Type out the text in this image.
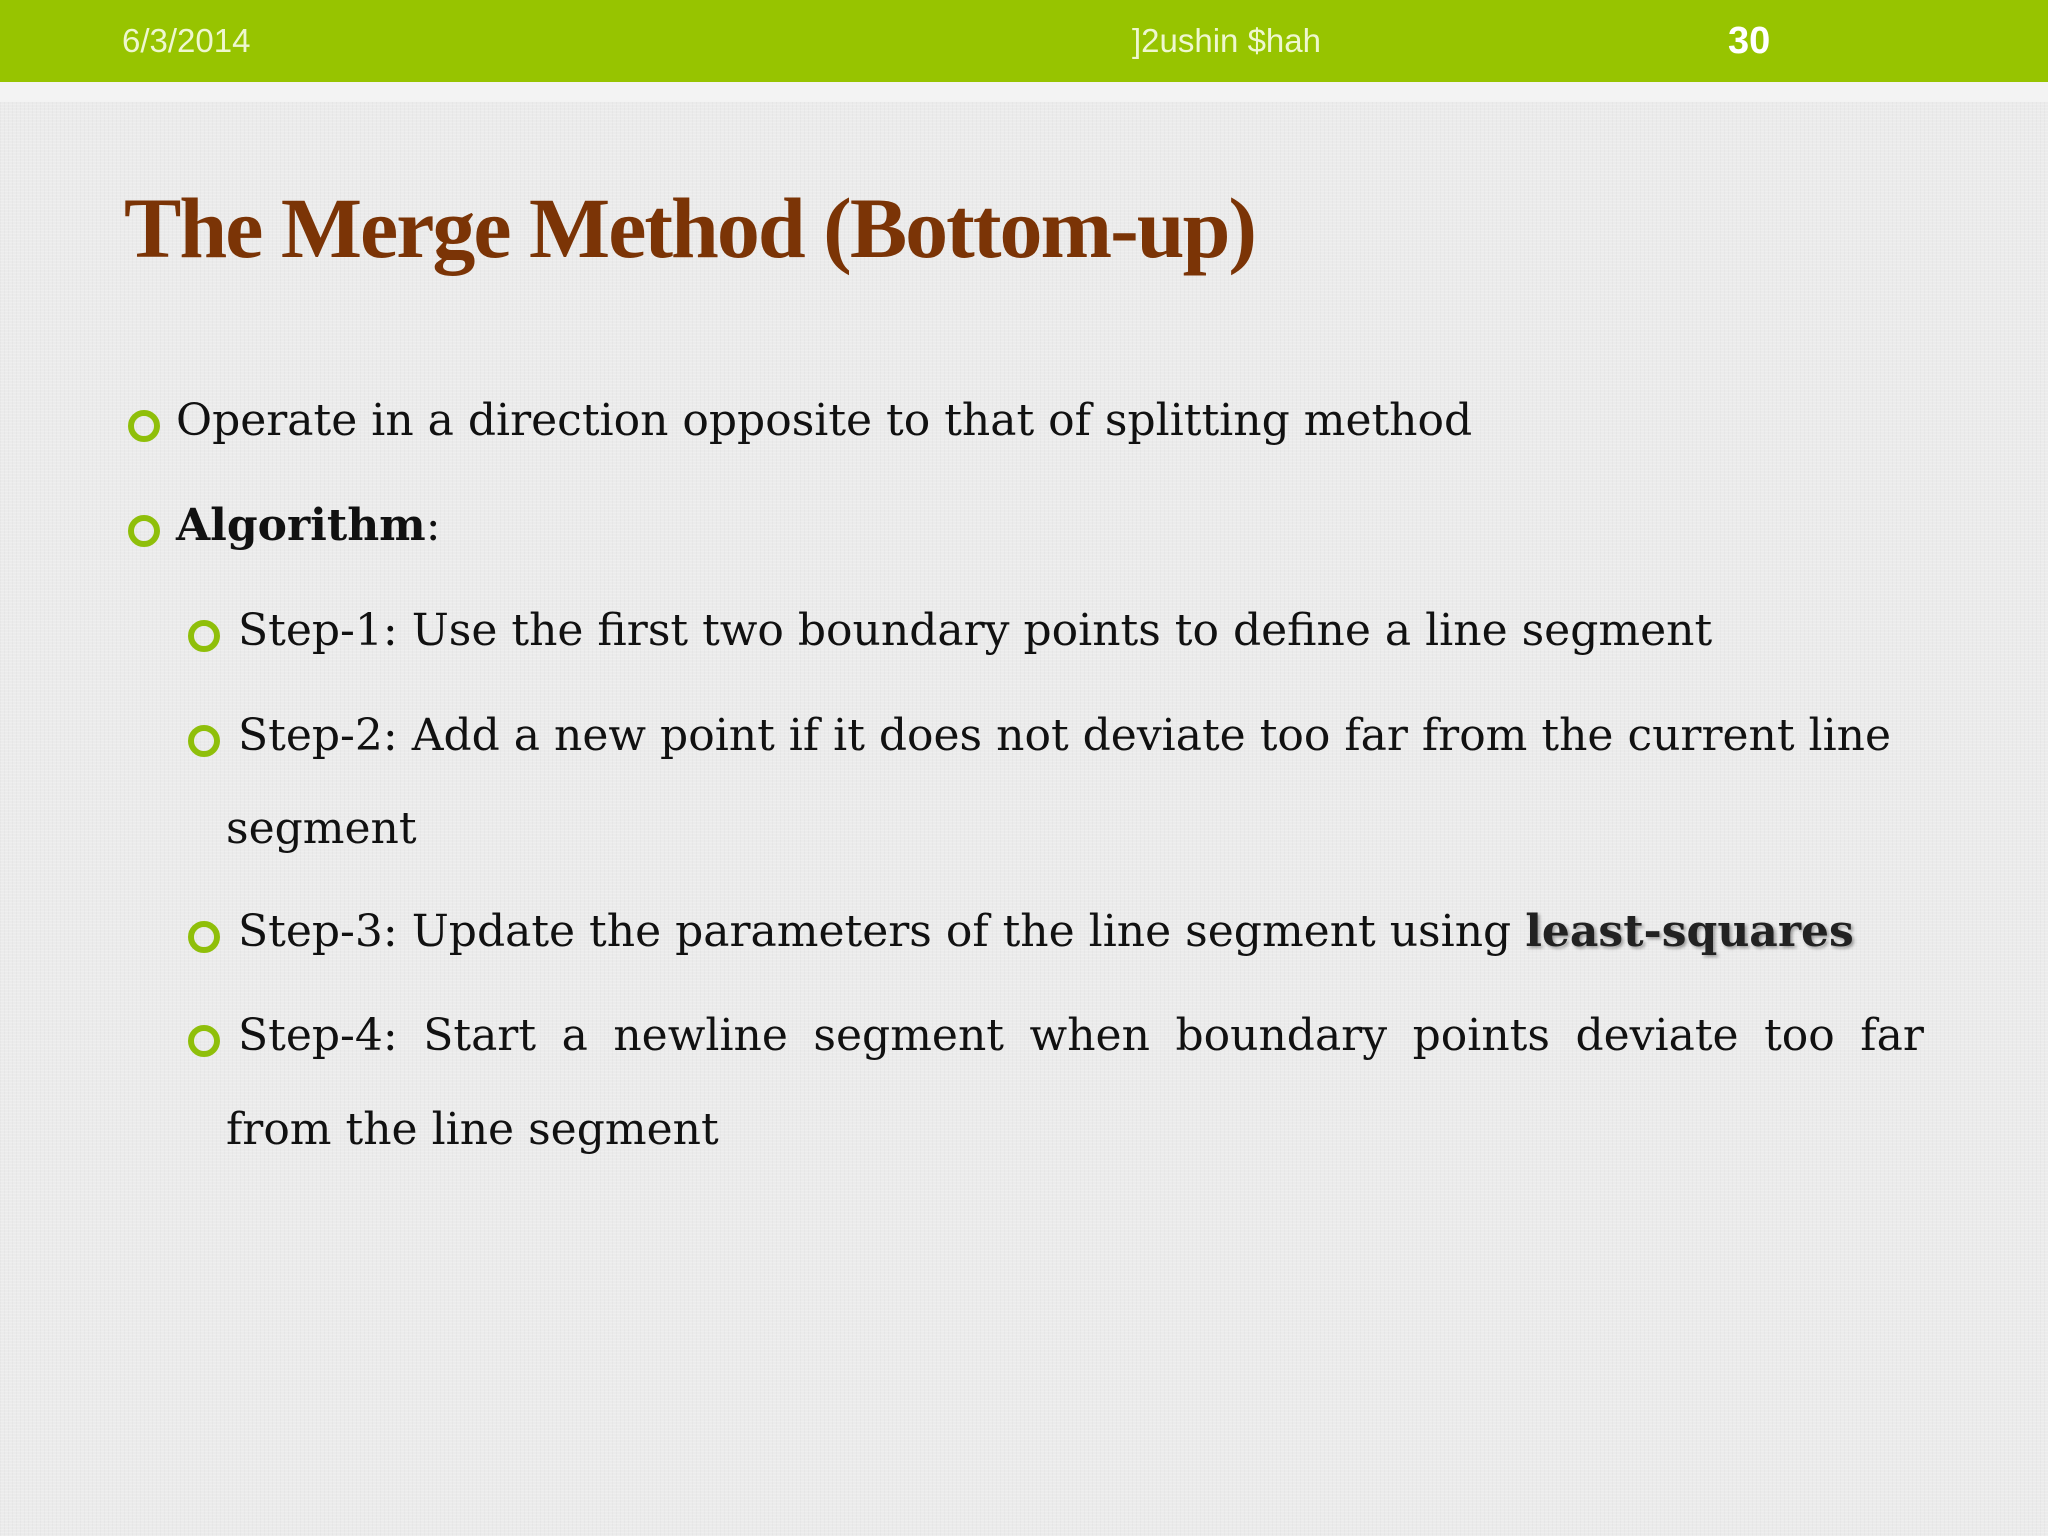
6/3/2014	]2ushin $hah	30
The Merge Method (Bottom-up)
Operate in a direction opposite to that of splitting method
Algorithm:
Step-1: Use the first two boundary points to define a line segment
Step-2: Add a new point if it does not deviate too far from the current line
segment
Step-3: Update the parameters of the line segment using least-squares
Step-4: Start a newline segment when boundary points deviate too far
from the line segment
